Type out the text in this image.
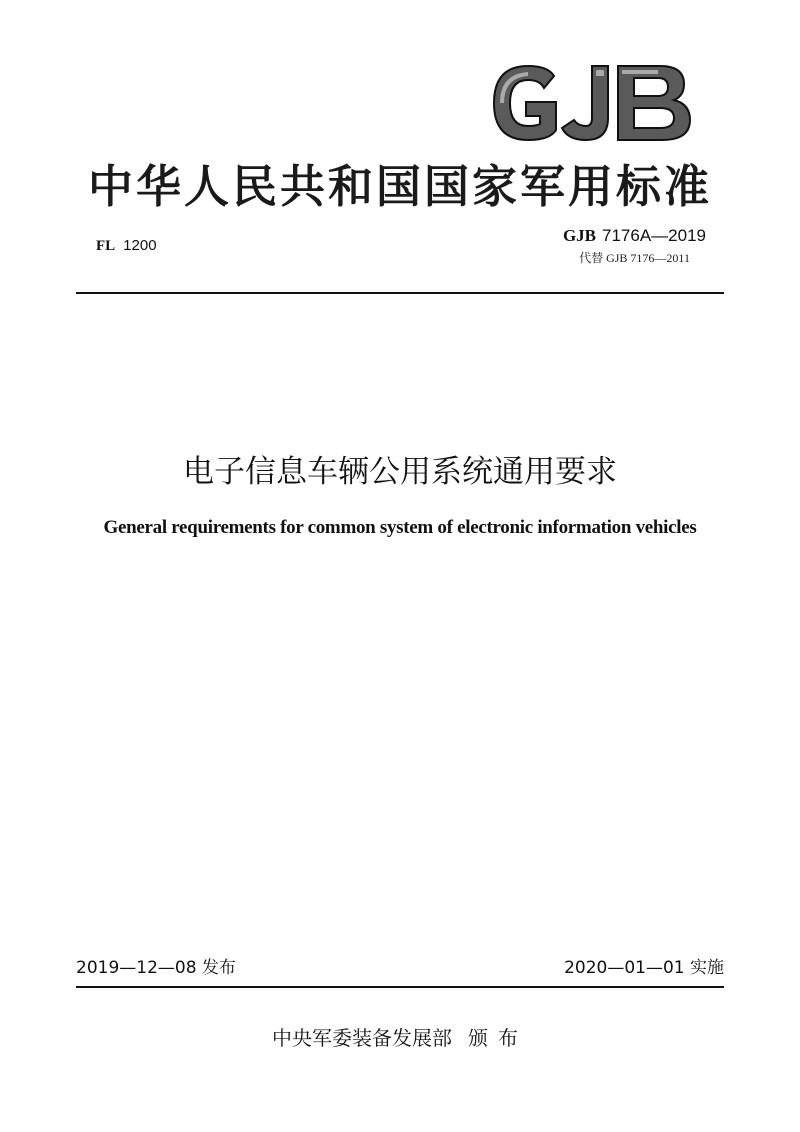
中华人民共和国国家军用标准
FL 1200
GJB 7176A—2019
代替 GJB 7176—2011
电子信息车辆公用系统通用要求
General requirements for common system of electronic information vehicles
2019—12—08 发布	2020—01—01 实施
中央军委装备发展部 颁布
